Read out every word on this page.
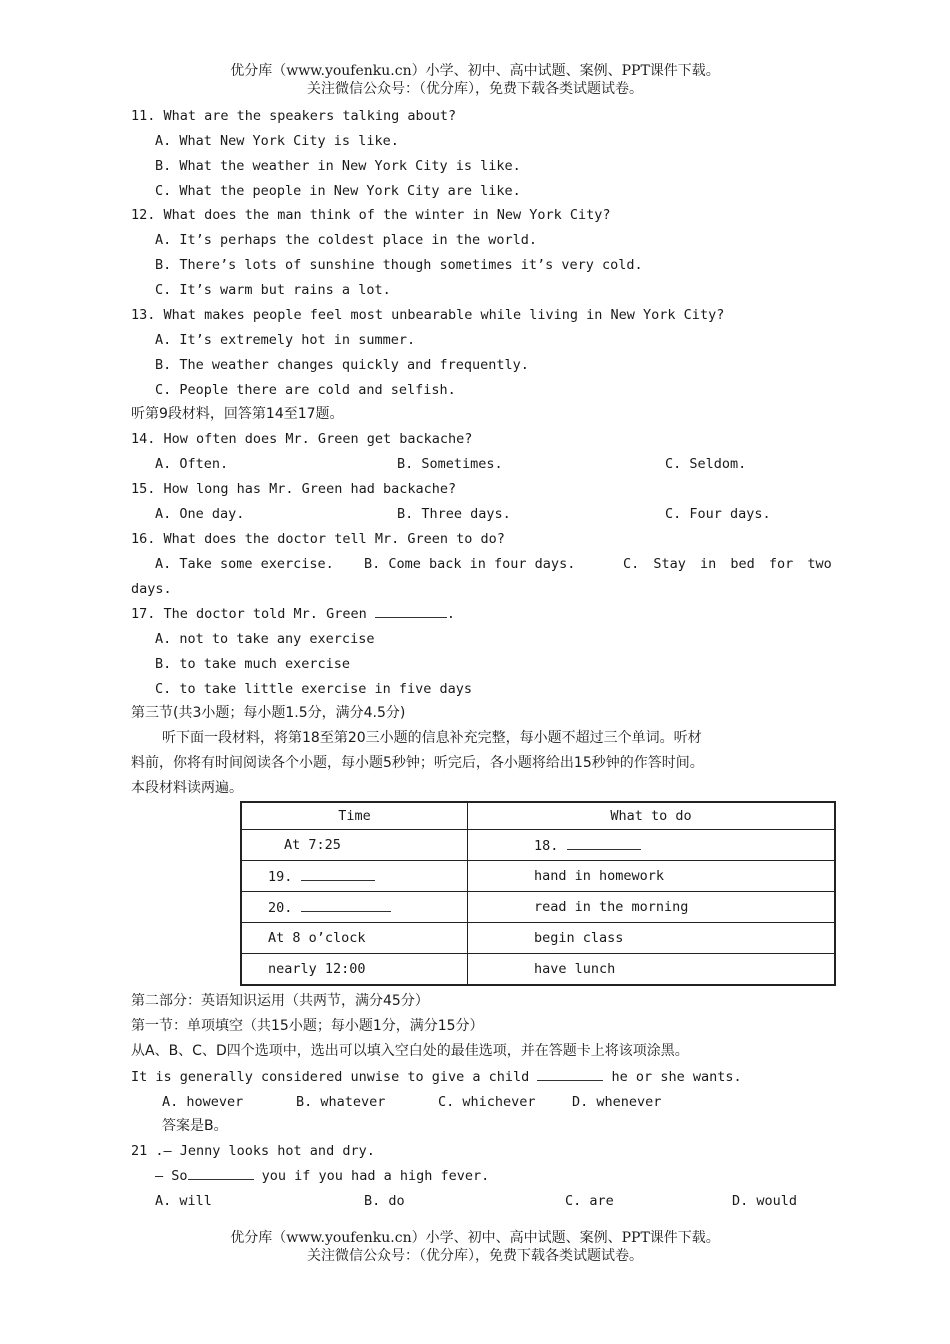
优分库（www.youfenku.cn）小学、初中、高中试题、案例、PPT课件下载。
关注微信公众号：（优分库），免费下载各类试题试卷。
11. What are the speakers talking about?
A. What New York City is like.
B. What the weather in New York City is like.
C. What the people in New York City are like.
12. What does the man think of the winter in New York City?
A. It’s perhaps the coldest place in the world.
B. There’s lots of sunshine though sometimes it’s very cold.
C. It’s warm but rains a lot.
13. What makes people feel most unbearable while living in New York City?
A. It’s extremely hot in summer.
B. The weather changes quickly and frequently.
C. People there are cold and selfish.
听第9段材料，回答第14至17题。
14. How often does Mr. Green get backache?
A. Often.	B. Sometimes.	C. Seldom.
15. How long has Mr. Green had backache?
A. One day.	B. Three days.	C. Four days.
16. What does the doctor tell Mr. Green to do?
A. Take some exercise. B. Come back in four days.	C. Stay in bed for two
days.
17. The doctor told Mr. Green	.
A. not to take any exercise
B. to take much exercise
C. to take little exercise in five days
第三节(共3小题；每小题1.5分，满分4.5分)
听下面一段材料，将第18至第20三小题的信息补充完整，每小题不超过三个单词。听材
料前，你将有时间阅读各个小题，每小题5秒钟；听完后，各小题将给出15秒钟的作答时间。
本段材料读两遍。
Time	What to do
At 7:25	18.
19.	hand in homework
20.	read in the morning
At 8 o’clock	begin class
nearly 12:00	have lunch
第二部分：英语知识运用（共两节，满分45分）
第一节：单项填空（共15小题；每小题1分，满分15分）
从A、B、C、D四个选项中，选出可以填入空白处的最佳选项，并在答题卡上将该项涂黑。
It is generally considered unwise to give a child	he or she wants.
A. however	B. whatever	C. whichever	D. whenever
答案是B。
21 .— Jenny looks hot and dry.
— So	you if you had a high fever.
A. will	B. do	C. are	D. would
优分库（www.youfenku.cn）小学、初中、高中试题、案例、PPT课件下载。
关注微信公众号：（优分库），免费下载各类试题试卷。
